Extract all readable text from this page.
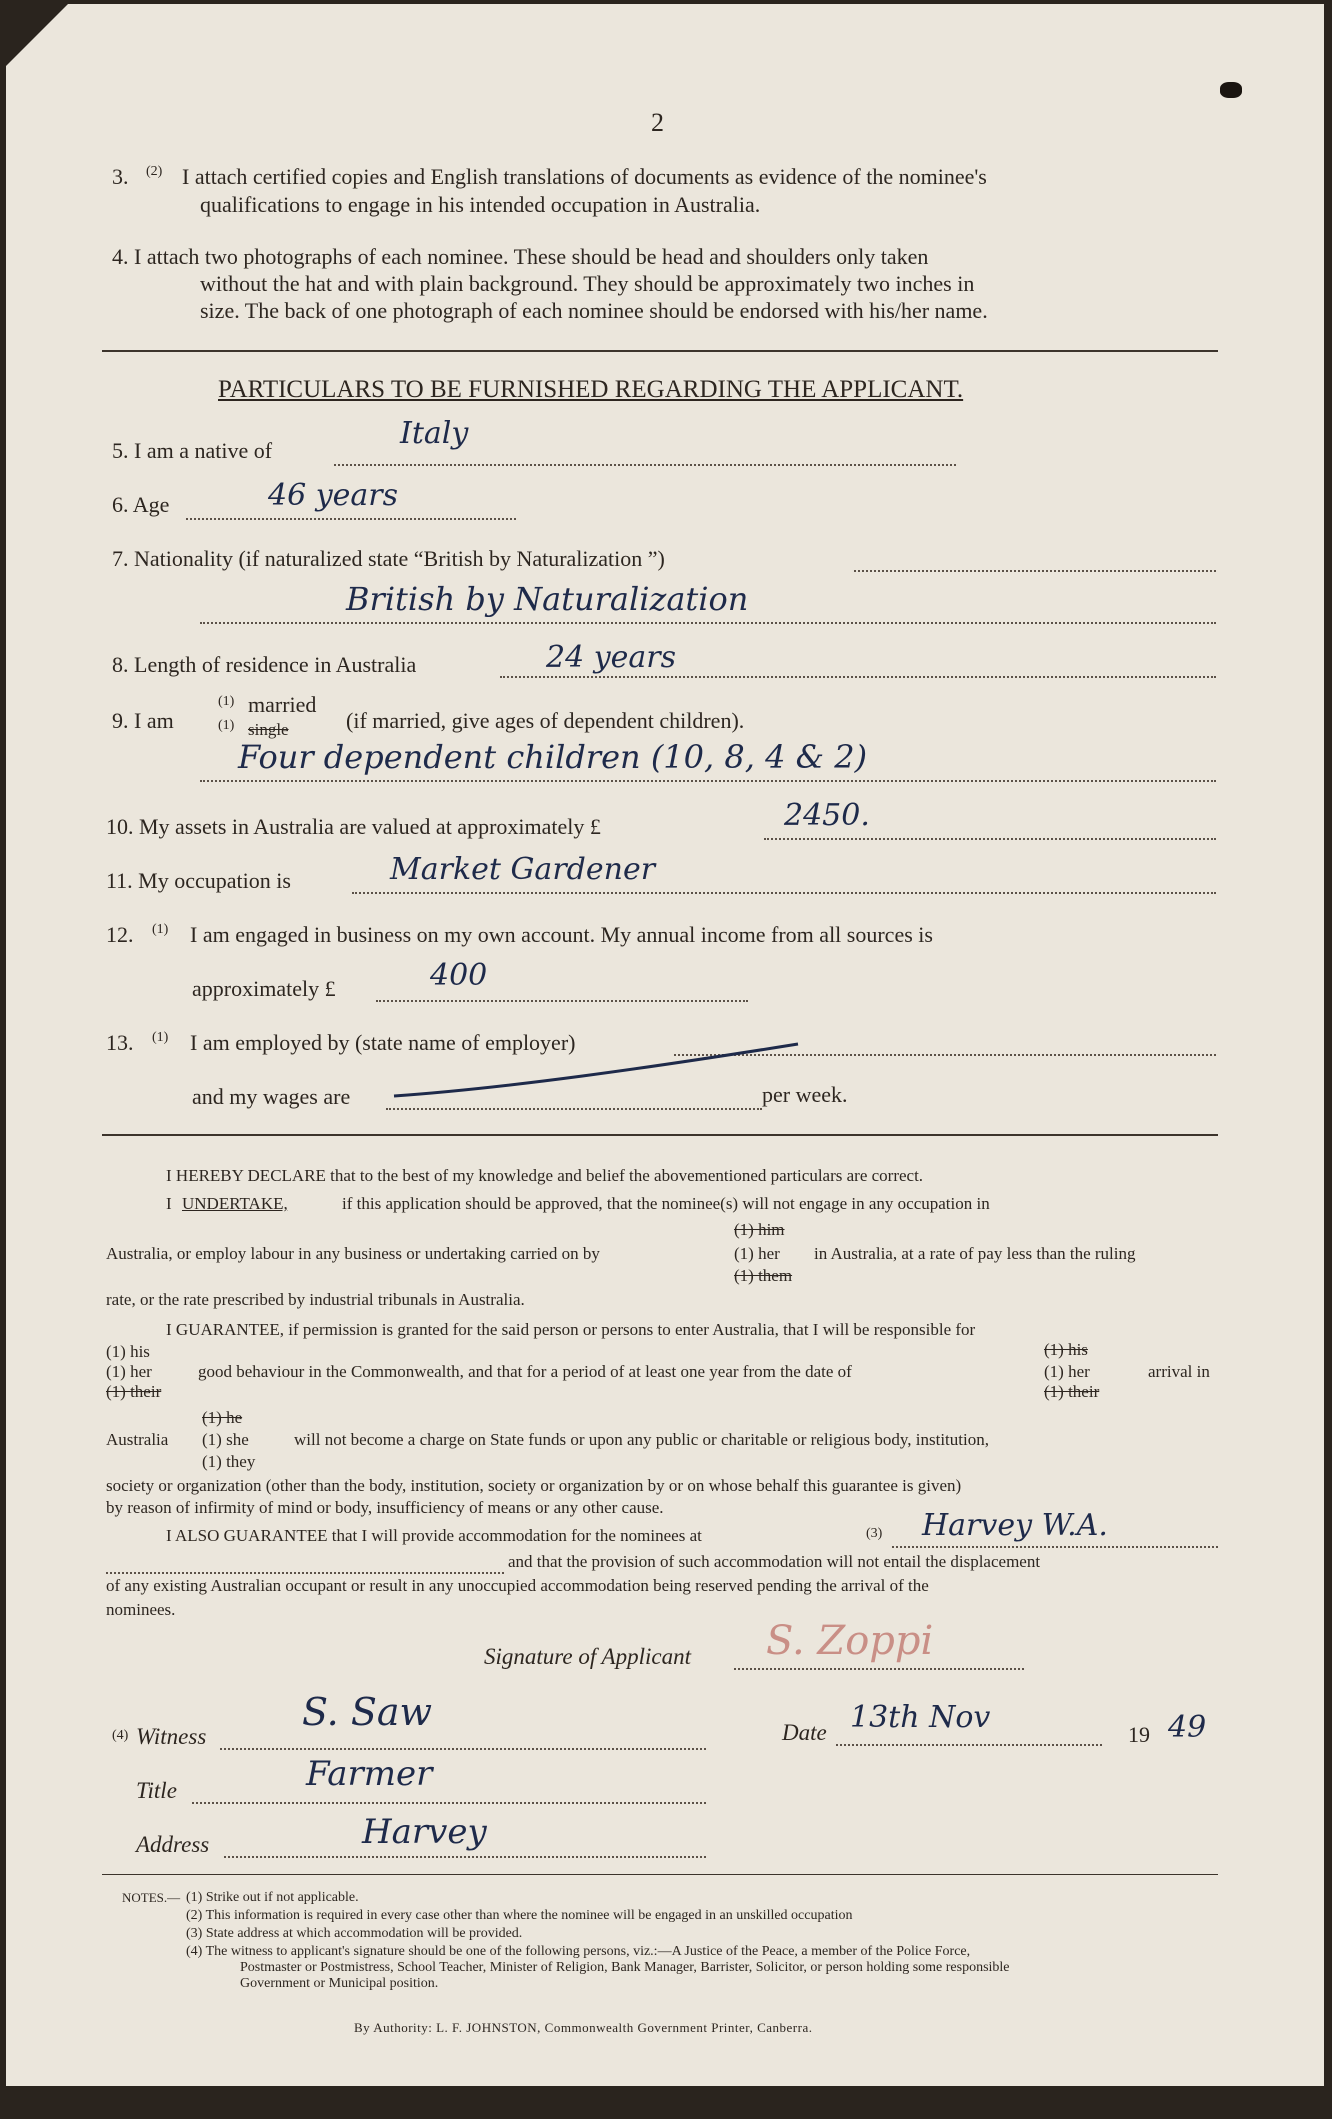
2
3. (2) I attach certified copies and English translations of documents as evidence of the nominee's
qualifications to engage in his intended occupation in Australia.
4. I attach two photographs of each nominee. These should be head and shoulders only taken
without the hat and with plain background. They should be approximately two inches in
size. The back of one photograph of each nominee should be endorsed with his/her name.
PARTICULARS TO BE FURNISHED REGARDING THE APPLICANT.
5. I am a native of	Italy
6. Age	46 years
7. Nationality (if naturalized state “British by Naturalization ”)
British by Naturalization
8. Length of residence in Australia	24 years
9. I am
(1)
(1)
married
single	(if married, give ages of dependent children).
Four dependent children (10, 8, 4 & 2)
10. My assets in Australia are valued at approximately £	2450.
11. My occupation is	Market Gardener
12. (1) I am engaged in business on my own account. My annual income from all sources is
approximately £	400
13. (1) I am employed by (state name of employer)
and my wages are	per week.
I HEREBY DECLARE that to the best of my knowledge and belief the abovementioned particulars are correct.
I UNDERTAKE,	if this application should be approved, that the nominee(s) will not engage in any occupation in
(1) him
Australia, or employ labour in any business or undertaking carried on by	(1) her in Australia, at a rate of pay less than the ruling
(1) them
rate, or the rate prescribed by industrial tribunals in Australia.
I GUARANTEE, if permission is granted for the said person or persons to enter Australia, that I will be responsible for
(1) his
(1) her
(1) their
good behaviour in the Commonwealth, and that for a period of at least one year from the date of
(1) his
(1) her
(1) their
arrival in
(1) he
Australia (1) she	will not become a charge on State funds or upon any public or charitable or religious body, institution,
(1) they
society or organization (other than the body, institution, society or organization by or on whose behalf this guarantee is given)
by reason of infirmity of mind or body, insufficiency of means or any other cause.
I ALSO GUARANTEE that I will provide accommodation for the nominees at	(3) Harvey W.A.
and that the provision of such accommodation will not entail the displacement
of any existing Australian occupant or result in any unoccupied accommodation being reserved pending the arrival of the
nominees.
Signature of Applicant S. Zoppi
(4) Witness
S. Saw	Date 13th Nov	19 49
Title	Farmer
Address	Harvey
NOTES.— (1) Strike out if not applicable.
(2) This information is required in every case other than where the nominee will be engaged in an unskilled occupation
(3) State address at which accommodation will be provided.
(4) The witness to applicant's signature should be one of the following persons, viz.:—A Justice of the Peace, a member of the Police Force,
Postmaster or Postmistress, School Teacher, Minister of Religion, Bank Manager, Barrister, Solicitor, or person holding some responsible
Government or Municipal position.
By Authority: L. F. JOHNSTON, Commonwealth Government Printer, Canberra.
